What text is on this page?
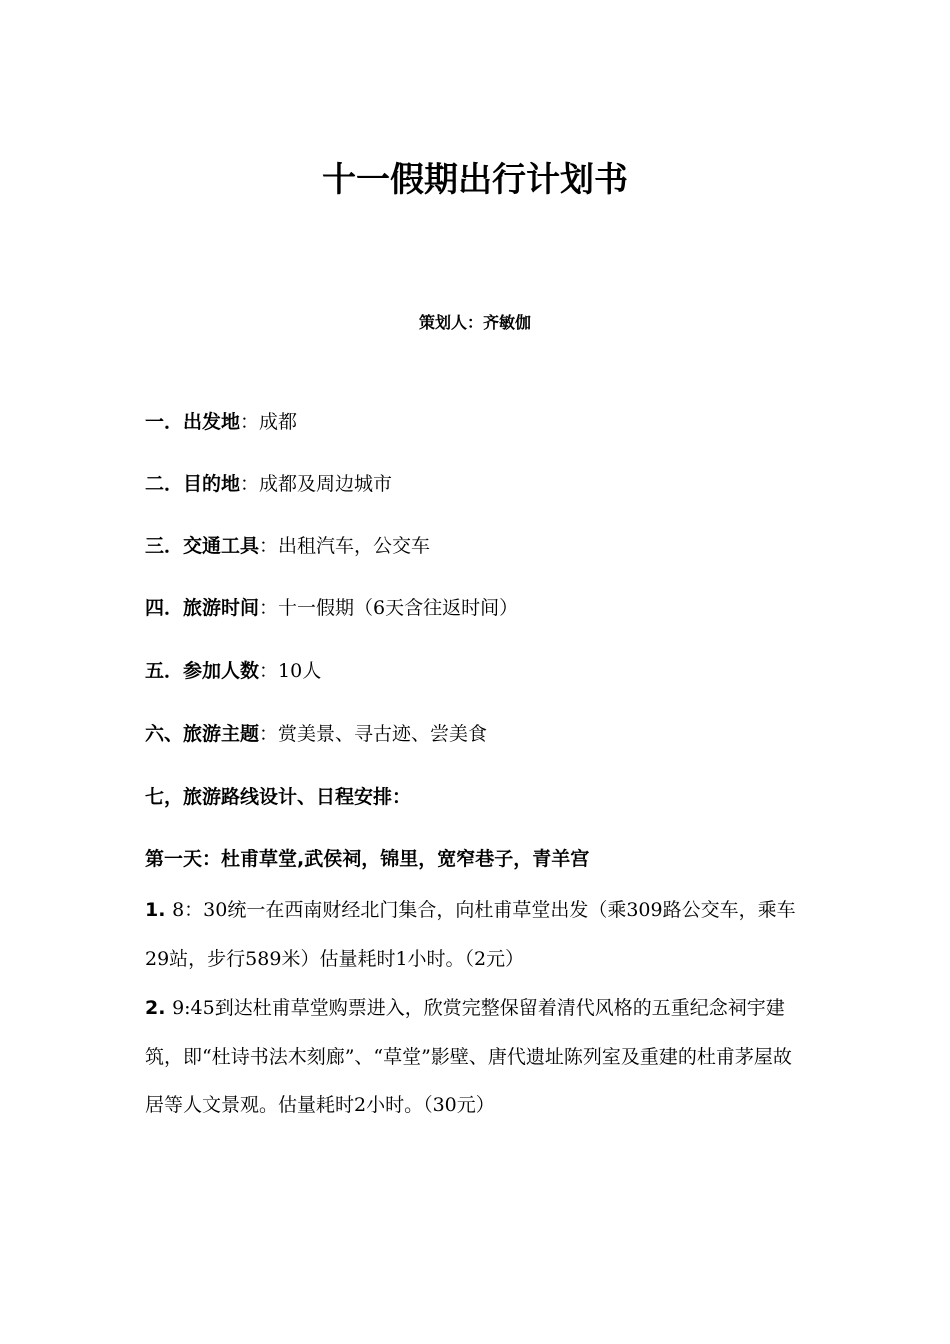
十一假期出行计划书

策划人：齐敏伽

一．出发地：成都

二．目的地：成都及周边城市

三．交通工具：出租汽车，公交车

四．旅游时间：十一假期（6天含往返时间）

五．参加人数：10人

六、旅游主题：赏美景、寻古迹、尝美食

七，旅游路线设计、日程安排：

第一天：杜甫草堂,武侯祠，锦里，宽窄巷子，青羊宫

1. 8：30统一在西南财经北门集合，向杜甫草堂出发（乘309路公交车，乘车29站，步行589米）估量耗时1小时。（2元）

2. 9:45到达杜甫草堂购票进入，欣赏完整保留着清代风格的五重纪念祠宇建筑，即“杜诗书法木刻廊”、“草堂”影壁、唐代遗址陈列室及重建的杜甫茅屋故居等人文景观。估量耗时2小时。（30元）
